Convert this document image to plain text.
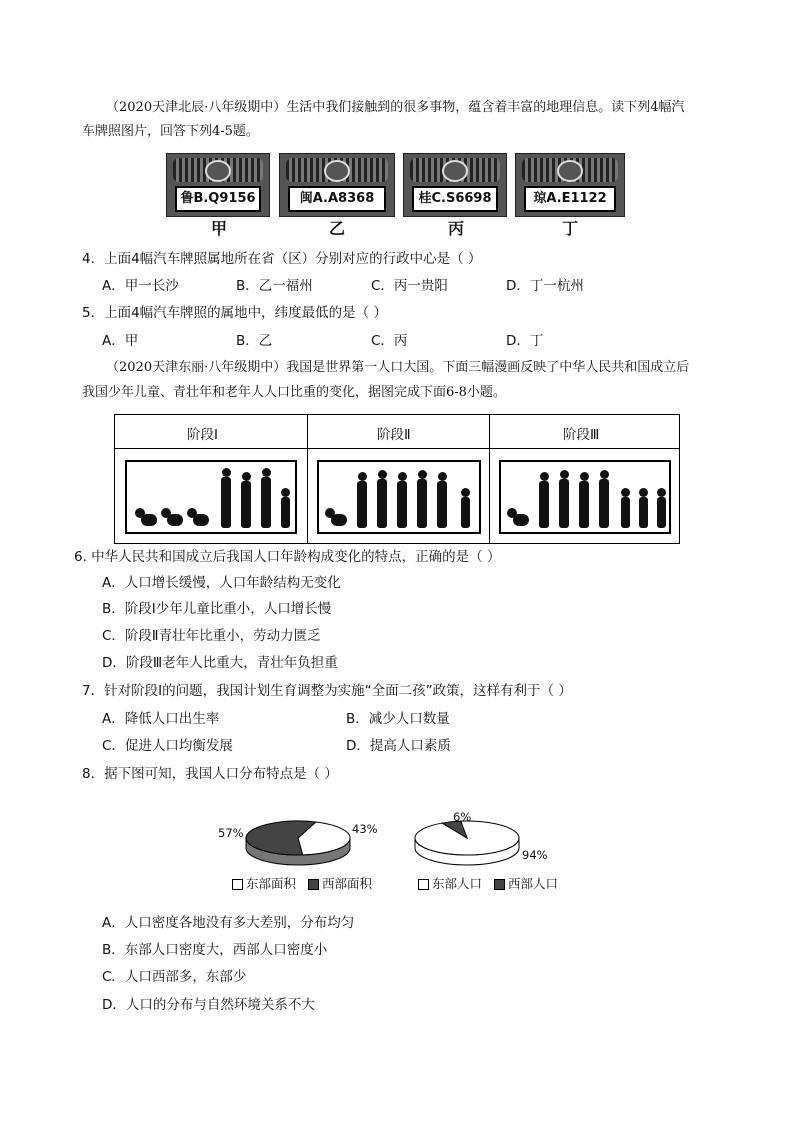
（2020天津北辰·八年级期中）生活中我们接触到的很多事物，蕴含着丰富的地理信息。读下列4幅汽
车牌照图片，回答下列4-5题。
鲁B.Q9156	闽A.A8368	桂C.S6698	琼A.E1122
甲	乙	丙	丁
4．上面4幅汽车牌照属地所在省（区）分别对应的行政中心是（ ）
A．甲一长沙	B．乙一福州	C．丙一贵阳	D．丁一杭州
5．上面4幅汽车牌照的属地中，纬度最低的是（ ）
A．甲	B．乙	C．丙	D．丁
（2020天津东丽·八年级期中）我国是世界第一人口大国。下面三幅漫画反映了中华人民共和国成立后
我国少年儿童、青壮年和老年人人口比重的变化，据图完成下面6-8小题。
阶段Ⅰ	阶段Ⅱ	阶段Ⅲ
6. 中华人民共和国成立后我国人口年龄构成变化的特点，正确的是（ ）
A．人口增长缓慢，人口年龄结构无变化
B．阶段Ⅰ少年儿童比重小，人口增长慢
C．阶段Ⅱ青壮年比重小，劳动力匮乏
D．阶段Ⅲ老年人比重大，青壮年负担重
7．针对阶段Ⅰ的问题，我国计划生育调整为实施“全面二孩”政策，这样有利于（ ）
A．降低人口出生率	B．减少人口数量
C．促进人口均衡发展	D．提高人口素质
8．据下图可知，我国人口分布特点是（ ）
57%	43%
6%
94%
东部面积 西部面积	东部人口 西部人口
A．人口密度各地没有多大差别，分布均匀
B．东部人口密度大，西部人口密度小
C．人口西部多，东部少
D．人口的分布与自然环境关系不大
